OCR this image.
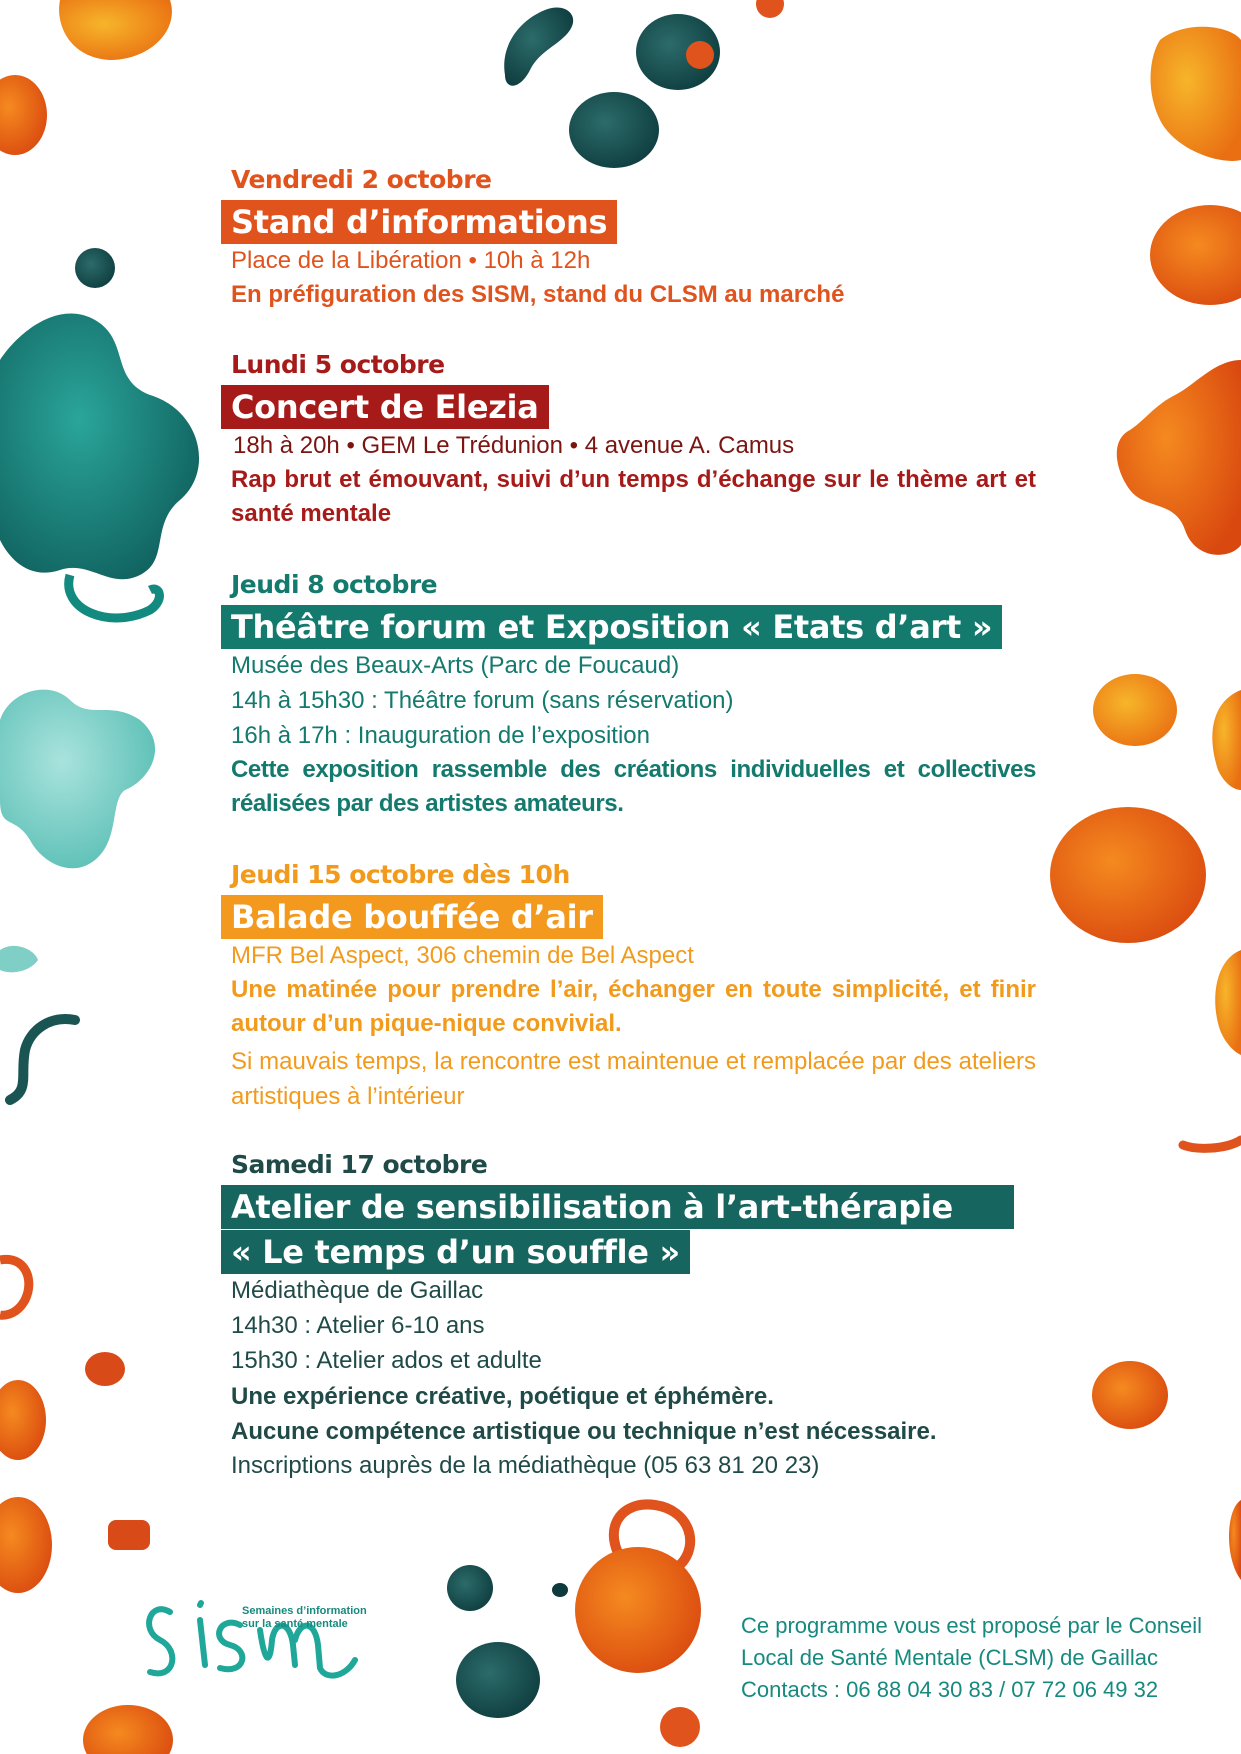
Vendredi 2 octobre
Stand d’informations
Place de la Libération • 10h à 12h
En préfiguration des SISM, stand du CLSM au marché
Lundi 5 octobre
Concert de Elezia
18h à 20h • GEM Le Trédunion • 4 avenue A. Camus
Rap brut et émouvant, suivi d’un temps d’échange sur le thème art et santé mentale
Jeudi 8 octobre
Théâtre forum et Exposition « Etats d’art »
Musée des Beaux-Arts (Parc de Foucaud)
14h à 15h30 : Théâtre forum (sans réservation)
16h à 17h : Inauguration de l’exposition
Cette exposition rassemble des créations individuelles et collectives réalisées par des artistes amateurs.
Jeudi 15 octobre dès 10h
Balade bouffée d’air
MFR Bel Aspect, 306 chemin de Bel Aspect
Une matinée pour prendre l’air, échanger en toute simplicité, et finir autour d’un pique-nique convivial.
Si mauvais temps, la rencontre est maintenue et remplacée par des ateliers artistiques à l’intérieur
Samedi 17 octobre
Atelier de sensibilisation à l’art-thérapie
« Le temps d’un souffle »
Médiathèque de Gaillac
14h30 : Atelier 6-10 ans
15h30 : Atelier ados et adulte
Une expérience créative, poétique et éphémère.
Aucune compétence artistique ou technique n’est nécessaire.
Inscriptions auprès de la médiathèque (05 63 81 20 23)
Semaines d’information sur la santé mentale	Ce programme vous est proposé par le Conseil
Local de Santé Mentale (CLSM) de Gaillac
Contacts : 06 88 04 30 83 / 07 72 06 49 32
